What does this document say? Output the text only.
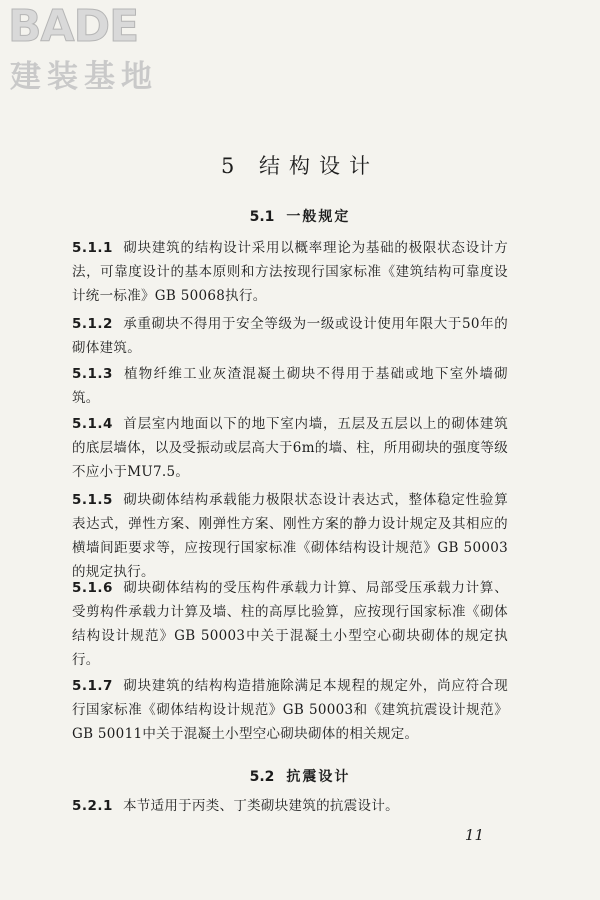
BADE
建装基地
5 结构设计
5.1 一般规定

5.1.1 砌块建筑的结构设计采用以概率理论为基础的极限状态设计方法，可靠度设计的基本原则和方法按现行国家标准《建筑结构可靠度设计统一标准》GB 50068执行。

5.1.2 承重砌块不得用于安全等级为一级或设计使用年限大于50年的砌体建筑。

5.1.3 植物纤维工业灰渣混凝土砌块不得用于基础或地下室外墙砌筑。

5.1.4 首层室内地面以下的地下室内墙，五层及五层以上的砌体建筑的底层墙体，以及受振动或层高大于6m的墙、柱，所用砌块的强度等级不应小于MU7.5。

5.1.5 砌块砌体结构承载能力极限状态设计表达式，整体稳定性验算表达式，弹性方案、刚弹性方案、刚性方案的静力设计规定及其相应的横墙间距要求等，应按现行国家标准《砌体结构设计规范》GB 50003的规定执行。

5.1.6 砌块砌体结构的受压构件承载力计算、局部受压承载力计算、受剪构件承载力计算及墙、柱的高厚比验算，应按现行国家标准《砌体结构设计规范》GB 50003中关于混凝土小型空心砌块砌体的规定执行。

5.1.7 砌块建筑的结构构造措施除满足本规程的规定外，尚应符合现行国家标准《砌体结构设计规范》GB 50003和《建筑抗震设计规范》GB 50011中关于混凝土小型空心砌块砌体的相关规定。

5.2 抗震设计

5.2.1 本节适用于丙类、丁类砌块建筑的抗震设计。

11
